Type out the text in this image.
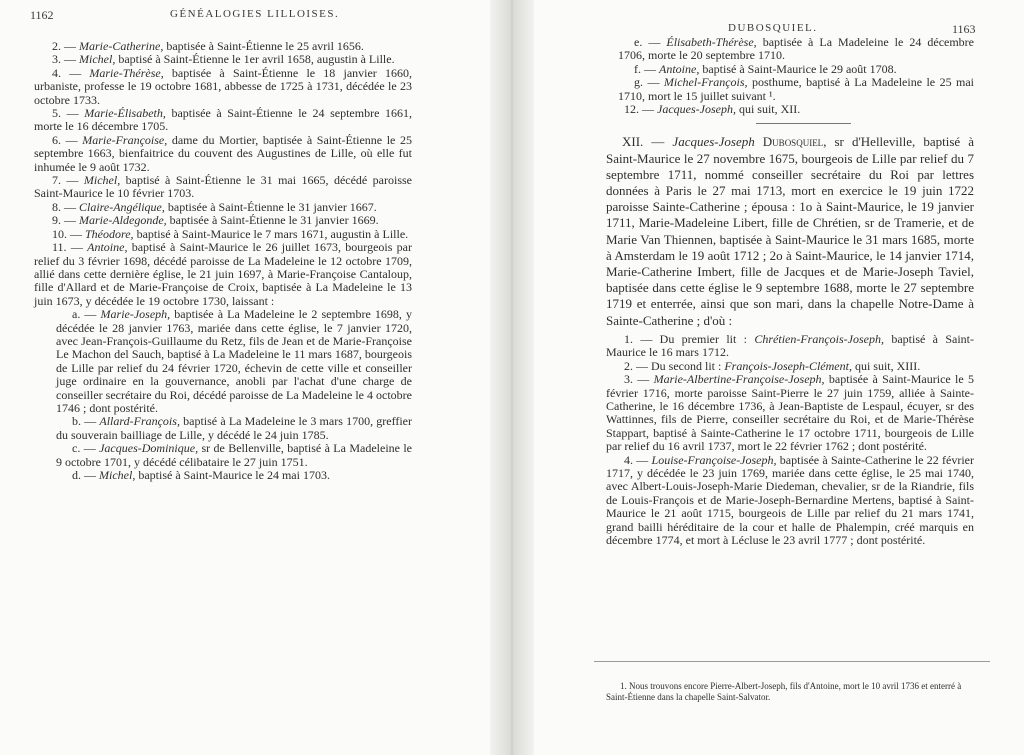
1162	GÉNÉALOGIES LILLOISES.

2. — Marie-Catherine, baptisée à Saint-Étienne le 25 avril 1656.

3. — Michel, baptisé à Saint-Étienne le 1er avril 1658, augustin à Lille.

4. — Marie-Thérèse, baptisée à Saint-Étienne le 18 janvier 1660, urbaniste, professe le 19 octobre 1681, abbesse de 1725 à 1731, décédée le 23 octobre 1733.

5. — Marie-Élisabeth, baptisée à Saint-Étienne le 24 septembre 1661, morte le 16 décembre 1705.

6. — Marie-Françoise, dame du Mortier, baptisée à Saint-Étienne le 25 septembre 1663, bienfaitrice du couvent des Augustines de Lille, où elle fut inhumée le 9 août 1732.

7. — Michel, baptisé à Saint-Étienne le 31 mai 1665, décédé paroisse Saint-Maurice le 10 février 1703.

8. — Claire-Angélique, baptisée à Saint-Étienne le 31 janvier 1667.

9. — Marie-Aldegonde, baptisée à Saint-Étienne le 31 janvier 1669.

10. — Théodore, baptisé à Saint-Maurice le 7 mars 1671, augustin à Lille.

11. — Antoine, baptisé à Saint-Maurice le 26 juillet 1673, bourgeois par relief du 3 février 1698, décédé paroisse de La Madeleine le 12 octobre 1709, allié dans cette dernière église, le 21 juin 1697, à Marie-Françoise Cantaloup, fille d'Allard et de Marie-Françoise de Croix, baptisée à La Madeleine le 13 juin 1673, y décédée le 19 octobre 1730, laissant :

a. — Marie-Joseph, baptisée à La Madeleine le 2 septembre 1698, y décédée le 28 janvier 1763, mariée dans cette église, le 7 janvier 1720, avec Jean-François-Guillaume du Retz, fils de Jean et de Marie-Françoise Le Machon del Sauch, baptisé à La Madeleine le 11 mars 1687, bourgeois de Lille par relief du 24 février 1720, échevin de cette ville et conseiller juge ordinaire en la gouvernance, anobli par l'achat d'une charge de conseiller secrétaire du Roi, décédé paroisse de La Madeleine le 4 octobre 1746 ; dont postérité.

b. — Allard-François, baptisé à La Madeleine le 3 mars 1700, greffier du souverain bailliage de Lille, y décédé le 24 juin 1785.

c. — Jacques-Dominique, sr de Bellenville, baptisé à La Madeleine le 9 octobre 1701, y décédé célibataire le 27 juin 1751.

d. — Michel, baptisé à Saint-Maurice le 24 mai 1703.

DUBOSQUIEL.	1163

e. — Élisabeth-Thérèse, baptisée à La Madeleine le 24 décembre 1706, morte le 20 septembre 1710.

f. — Antoine, baptisé à Saint-Maurice le 29 août 1708.

g. — Michel-François, posthume, baptisé à La Madeleine le 25 mai 1710, mort le 15 juillet suivant ¹.

12. — Jacques-Joseph, qui suit, XII.

XII. — Jacques-Joseph Dubosquiel, sr d'Helleville, baptisé à Saint-Maurice le 27 novembre 1675, bourgeois de Lille par relief du 7 septembre 1711, nommé conseiller secrétaire du Roi par lettres données à Paris le 27 mai 1713, mort en exercice le 19 juin 1722 paroisse Sainte-Catherine ; épousa : 1o à Saint-Maurice, le 19 janvier 1711, Marie-Madeleine Libert, fille de Chrétien, sr de Tramerie, et de Marie Van Thiennen, baptisée à Saint-Maurice le 31 mars 1685, morte à Amsterdam le 19 août 1712 ; 2o à Saint-Maurice, le 14 janvier 1714, Marie-Catherine Imbert, fille de Jacques et de Marie-Joseph Taviel, baptisée dans cette église le 9 septembre 1688, morte le 27 septembre 1719 et enterrée, ainsi que son mari, dans la chapelle Notre-Dame à Sainte-Catherine ; d'où :

1. — Du premier lit : Chrétien-François-Joseph, baptisé à Saint-Maurice le 16 mars 1712.

2. — Du second lit : François-Joseph-Clément, qui suit, XIII.

3. — Marie-Albertine-Françoise-Joseph, baptisée à Saint-Maurice le 5 février 1716, morte paroisse Saint-Pierre le 27 juin 1759, alliée à Sainte-Catherine, le 16 décembre 1736, à Jean-Baptiste de Lespaul, écuyer, sr des Wattinnes, fils de Pierre, conseiller secrétaire du Roi, et de Marie-Thérèse Stappart, baptisé à Sainte-Catherine le 17 octobre 1711, bourgeois de Lille par relief du 16 avril 1737, mort le 22 février 1762 ; dont postérité.

4. — Louise-Françoise-Joseph, baptisée à Sainte-Catherine le 22 février 1717, y décédée le 23 juin 1769, mariée dans cette église, le 25 mai 1740, avec Albert-Louis-Joseph-Marie Diedeman, chevalier, sr de la Riandrie, fils de Louis-François et de Marie-Joseph-Bernardine Mertens, baptisé à Saint-Maurice le 21 août 1715, bourgeois de Lille par relief du 21 mars 1741, grand bailli héréditaire de la cour et halle de Phalempin, créé marquis en décembre 1774, et mort à Lécluse le 23 avril 1777 ; dont postérité.

1. Nous trouvons encore Pierre-Albert-Joseph, fils d'Antoine, mort le 10 avril 1736 et enterré à Saint-Étienne dans la chapelle Saint-Salvator.
